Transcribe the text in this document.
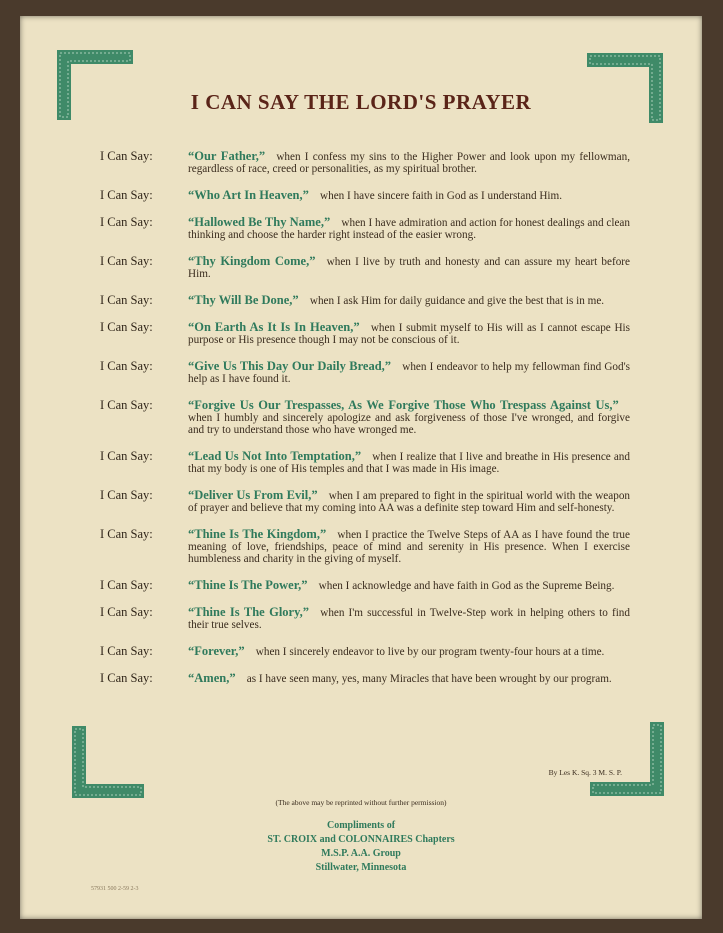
I CAN SAY THE LORD'S PRAYER
I Can Say:	“Our Father,”  when I confess my sins to the Higher Power and look upon my fellowman, regardless of race, creed or personalities, as my spiritual brother.
I Can Say:	“Who Art In Heaven,”  when I have sincere faith in God as I understand Him.
I Can Say:	“Hallowed Be Thy Name,”  when I have admiration and action for honest dealings and clean thinking and choose the harder right instead of the easier wrong.
I Can Say:	“Thy Kingdom Come,”  when I live by truth and honesty and can assure my heart before Him.
I Can Say:	“Thy Will Be Done,”  when I ask Him for daily guidance and give the best that is in me.
I Can Say:	“On Earth As It Is In Heaven,”  when I submit myself to His will as I cannot escape His purpose or His presence though I may not be conscious of it.
I Can Say:	“Give Us This Day Our Daily Bread,”  when I endeavor to help my fellowman find God's help as I have found it.
I Can Say:	“Forgive Us Our Trespasses, As We Forgive Those Who Trespass Against Us,” when I humbly and sincerely apologize and ask forgiveness of those I've wronged, and forgive and try to understand those who have wronged me.
I Can Say:	“Lead Us Not Into Temptation,”  when I realize that I live and breathe in His presence and that my body is one of His temples and that I was made in His image.
I Can Say:	“Deliver Us From Evil,”  when I am prepared to fight in the spiritual world with the weapon of prayer and believe that my coming into AA was a definite step toward Him and self-honesty.
I Can Say:	“Thine Is The Kingdom,”  when I practice the Twelve Steps of AA as I have found the true meaning of love, friendships, peace of mind and serenity in His presence. When I exercise humbleness and charity in the giving of myself.
I Can Say:	“Thine Is The Power,”  when I acknowledge and have faith in God as the Supreme Being.
I Can Say:	“Thine Is The Glory,”  when I'm successful in Twelve-Step work in helping others to find their true selves.
I Can Say:	“Forever,”  when I sincerely endeavor to live by our program twenty-four hours at a time.
I Can Say:	“Amen,”  as I have seen many, yes, many Miracles that have been wrought by our program.
By Les K. Sq. 3 M. S. P.
(The above may be reprinted without further permission)
Compliments of
ST. CROIX and COLONNAIRES Chapters
M.S.P. A.A. Group
Stillwater, Minnesota
57931 500 2-59 2-3
